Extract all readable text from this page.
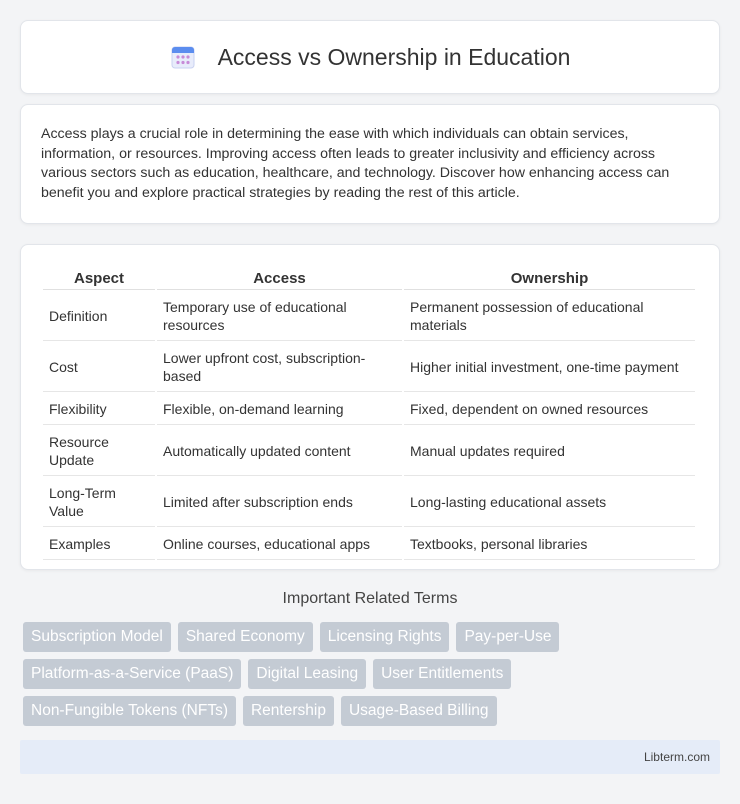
Access vs Ownership in Education
Access plays a crucial role in determining the ease with which individuals can obtain services, information, or resources. Improving access often leads to greater inclusivity and efficiency across various sectors such as education, healthcare, and technology. Discover how enhancing access can benefit you and explore practical strategies by reading the rest of this article.
Aspect	Access	Ownership
Definition	Temporary use of educational resources	Permanent possession of educational materials
Cost	Lower upfront cost, subscription-based	Higher initial investment, one-time payment
Flexibility	Flexible, on-demand learning	Fixed, dependent on owned resources
Resource Update	Automatically updated content	Manual updates required
Long-Term Value	Limited after subscription ends	Long-lasting educational assets
Examples	Online courses, educational apps	Textbooks, personal libraries
Important Related Terms
Subscription Model	Shared Economy	Licensing Rights	Pay-per-Use
Platform-as-a-Service (PaaS)	Digital Leasing	User Entitlements
Non-Fungible Tokens (NFTs)	Rentership	Usage-Based Billing
Libterm.com
